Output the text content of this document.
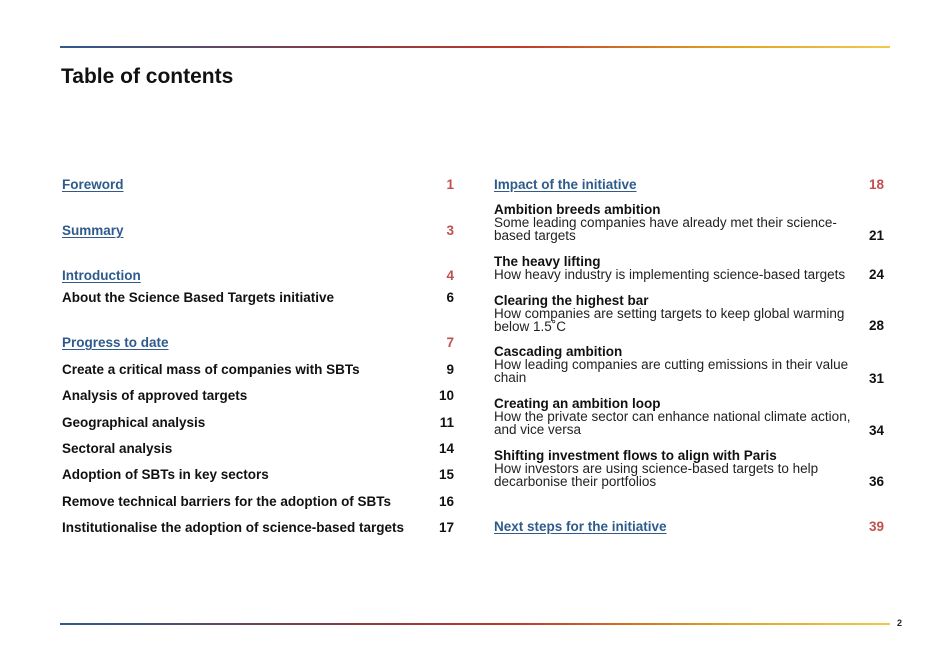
Table of contents
Foreword	1
Summary	3
Introduction	4
About the Science Based Targets initiative	6
Progress to date	7
Create a critical mass of companies with SBTs	9
Analysis of approved targets	10
Geographical analysis	11
Sectoral analysis	14
Adoption of SBTs in key sectors	15
Remove technical barriers for the adoption of SBTs	16
Institutionalise the adoption of science-based targets	17
Impact of the initiative	18
Ambition breeds ambition
Some leading companies have already met their science-based targets	21
The heavy lifting
How heavy industry is implementing science-based targets	24
Clearing the highest bar
How companies are setting targets to keep global warming below 1.5˚C	28
Cascading ambition
How leading companies are cutting emissions in their value chain	31
Creating an ambition loop
How the private sector can enhance national climate action, and vice versa	34
Shifting investment flows to align with Paris
How investors are using science-based targets to help decarbonise their portfolios	36
Next steps for the initiative	39
2
